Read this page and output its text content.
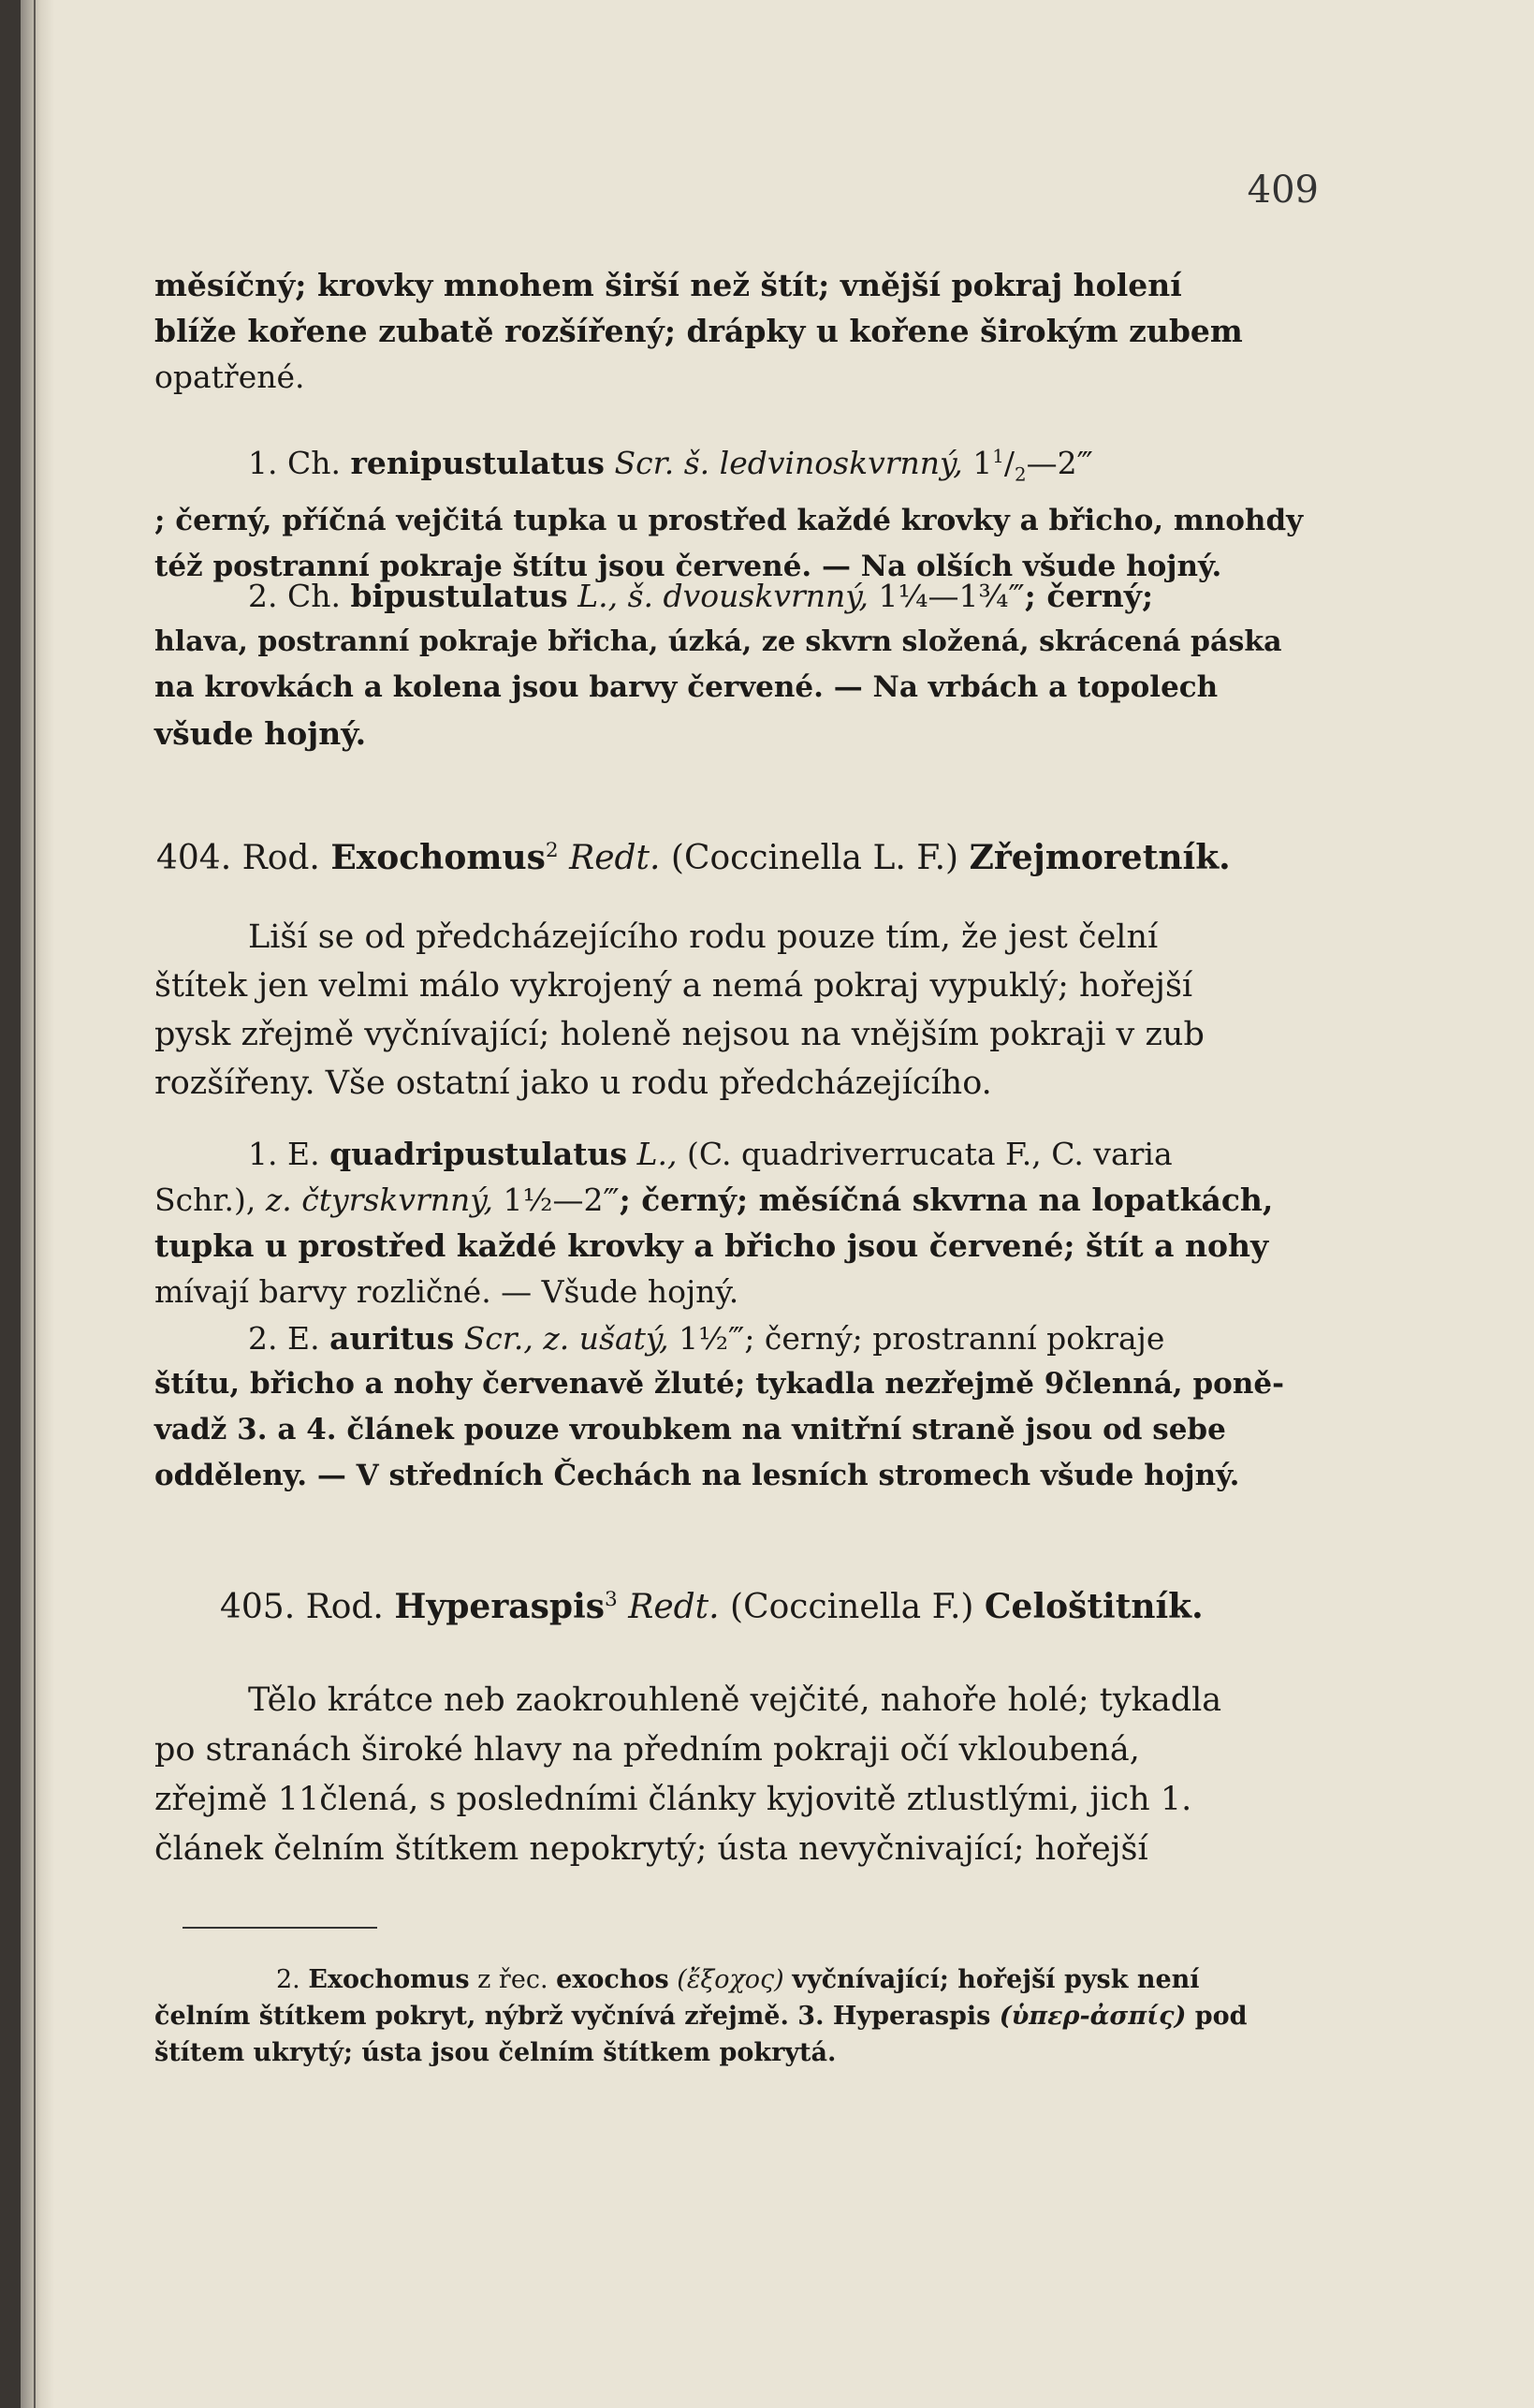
409
měsíčný; krovky mnohem širší než štít; vnější pokraj holení
blíže kořene zubatě rozšířený; drápky u kořene širokým zubem
opatřené.
1. Ch. renipustulatus Scr. š. ledvinoskvrnný, $1^1/_2—2‴$
; černý, příčná vejčitá tupka u prostřed každé krovky a břicho, mnohdy
též postranní pokraje štítu jsou červené. — Na olších všude hojný.
2. Ch. bipustulatus L., š. dvouskvrnný, 1¼—1¾‴; černý;
hlava, postranní pokraje břicha, úzká, ze skvrn složená, skrácená páska
na krovkách a kolena jsou barvy červené. — Na vrbách a topolech
všude hojný.
404. Rod. Exochomus$^2$ Redt. (Coccinella L. F.) Zřejmoretník.
Liší se od předcházejícího rodu pouze tím, že jest čelní
štítek jen velmi málo vykrojený a nemá pokraj vypuklý; hořejší
pysk zřejmě vyčnívající; holeně nejsou na vnějším pokraji v zub
rozšířeny. Vše ostatní jako u rodu předcházejícího.
1. E. quadripustulatus L., (C. quadriverrucata F., C. varia
Schr.), z. čtyrskvrnný, 1½—2‴; černý; měsíčná skvrna na lopatkách,
tupka u prostřed každé krovky a břicho jsou červené; štít a nohy
mívají barvy rozličné. — Všude hojný.
2. E. auritus Scr., z. ušatý, 1½‴; černý; prostranní pokraje
štítu, břicho a nohy červenavě žluté; tykadla nezřejmě 9členná, poně-
vadž 3. a 4. článek pouze vroubkem na vnitřní straně jsou od sebe
odděleny. — V středních Čechách na lesních stromech všude hojný.
405. Rod. Hyperaspis$^3$ Redt. (Coccinella F.) Celoštitník.
Tělo krátce neb zaokrouhleně vejčité, nahoře holé; tykadla
po stranách široké hlavy na předním pokraji očí vkloubená,
zřejmě 11člená, s posledními články kyjovitě ztlustlými, jich 1.
článek čelním štítkem nepokrytý; ústa nevyčnivající; hořejší
2. Exochomus z řec. exochos (ἔξοχος) vyčnívající; hořejší pysk není
čelním štítkem pokryt, nýbrž vyčnívá zřejmě. 3. Hyperaspis (ὑπερ-ἀσπίς) pod
štítem ukrytý; ústa jsou čelním štítkem pokrytá.
